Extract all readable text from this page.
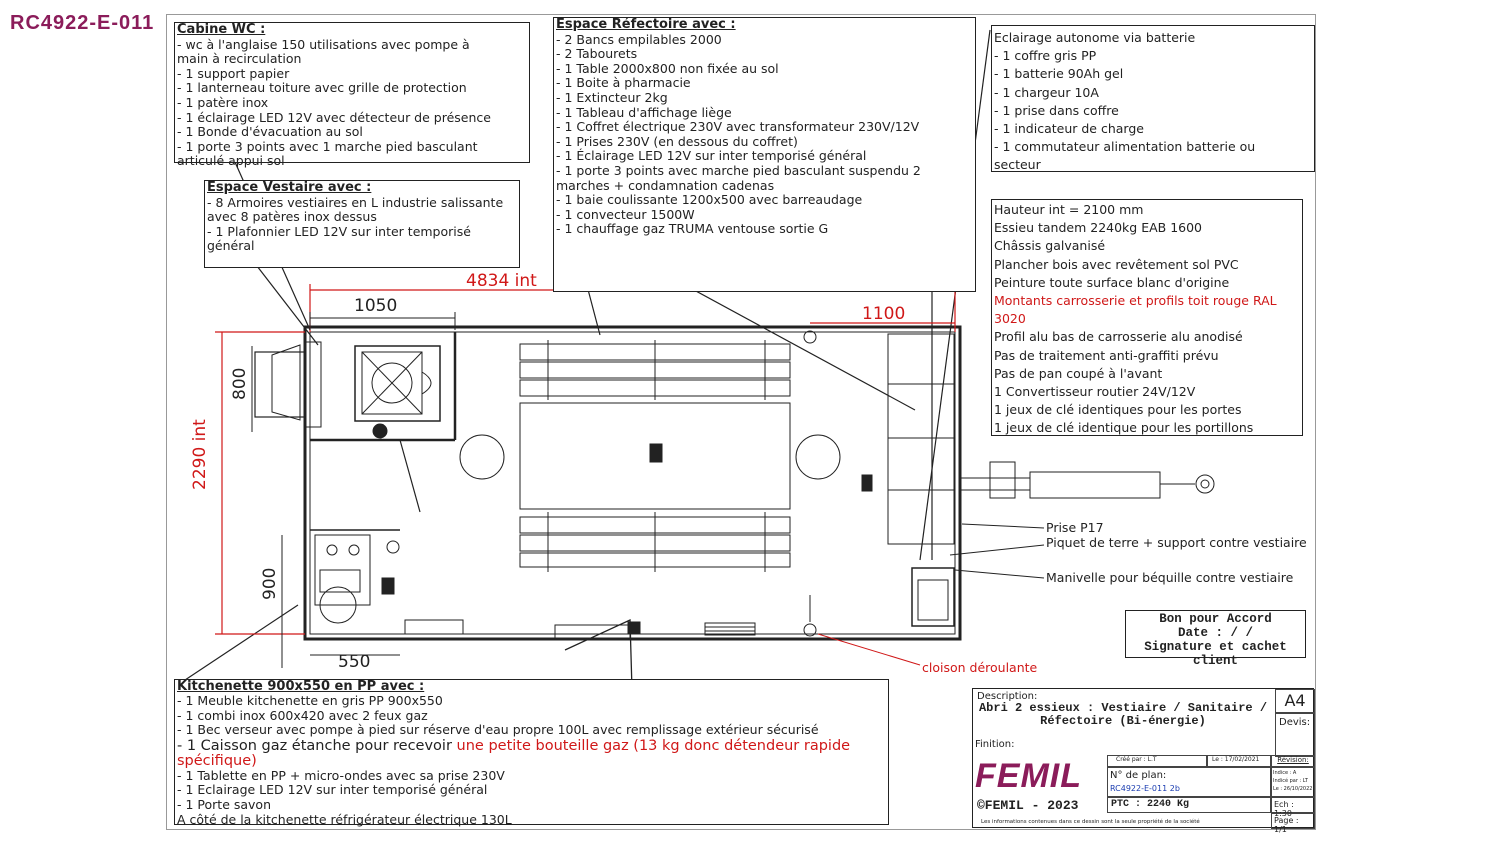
RC4922-E-011
4834 int
1100
2290 int
1050
800
900
550
Cabine WC :
- wc à l'anglaise 150 utilisations avec pompe à
main à recirculation
- 1 support papier
- 1 lanterneau toiture avec grille de protection
- 1 patère inox
- 1 éclairage LED 12V avec détecteur de présence
- 1 Bonde d'évacuation au sol
- 1 porte 3 points avec 1 marche pied basculant
articulé appui sol
Espace Vestaire avec :
- 8 Armoires vestiaires en L industrie salissante
avec 8 patères inox dessus
- 1 Plafonnier LED 12V sur inter temporisé
général
Espace Réfectoire avec :
- 2 Bancs empilables 2000
- 2 Tabourets
- 1 Table 2000x800 non fixée au sol
- 1 Boite à pharmacie
- 1 Extincteur 2kg
- 1 Tableau d'affichage liège
- 1 Coffret électrique 230V avec transformateur 230V/12V
- 1 Prises 230V (en dessous du coffret)
- 1 Éclairage LED 12V sur inter temporisé général
- 1 porte 3 points avec marche pied basculant suspendu 2
marches + condamnation cadenas
- 1 baie coulissante 1200x500 avec barreaudage
- 1 convecteur 1500W
- 1 chauffage gaz TRUMA ventouse sortie G
Eclairage autonome via batterie
- 1 coffre gris PP
- 1 batterie 90Ah gel
- 1 chargeur 10A
- 1 prise dans coffre
- 1 indicateur de charge
- 1 commutateur alimentation batterie ou
secteur
Hauteur int = 2100 mm
Essieu tandem 2240kg EAB 1600
Châssis galvanisé
Plancher bois avec revêtement sol PVC
Peinture toute surface blanc d'origine
Montants carrosserie et profils toit rouge RAL
3020
Profil alu bas de carrosserie alu anodisé
Pas de traitement anti-graffiti prévu
Pas de pan coupé à l'avant
1 Convertisseur routier 24V/12V
1 jeux de clé identiques pour les portes
1 jeux de clé identique pour les portillons
Kitchenette 900x550 en PP avec :
- 1 Meuble kitchenette en gris PP 900x550
- 1 combi inox 600x420 avec 2 feux gaz
- 1 Bec verseur avec pompe à pied sur réserve d'eau propre 100L avec remplissage extérieur sécurisé
- 1 Caisson gaz étanche pour recevoir une petite bouteille gaz (13 kg donc détendeur rapide
spécifique)
- 1 Tablette en PP + micro-ondes avec sa prise 230V
- 1 Eclairage LED 12V sur inter temporisé général
- 1 Porte savon
A côté de la kitchenette réfrigérateur électrique 130L
Prise P17
Piquet de terre + support contre vestiaire
Manivelle pour béquille contre vestiaire
cloison déroulante
Bon pour Accord
Date : / /
Signature et cachet client
Description:
Abri 2 essieux : Vestiaire / Sanitaire /
Réfectoire (Bi-énergie)
A4
Devis:
Finition:
Créé par : L.T	Le : 17/02/2021	Révision:
N° de plan:
RC4922-E-011 2b
Indice : A
Indicé par : LT
Le : 26/10/2022
PTC : 2240 Kg	Ech : 1:30
Page : 1/1
©FEMIL - 2023
Les informations contenues dans ce dessin sont la seule propriété de la société
FEMIL
